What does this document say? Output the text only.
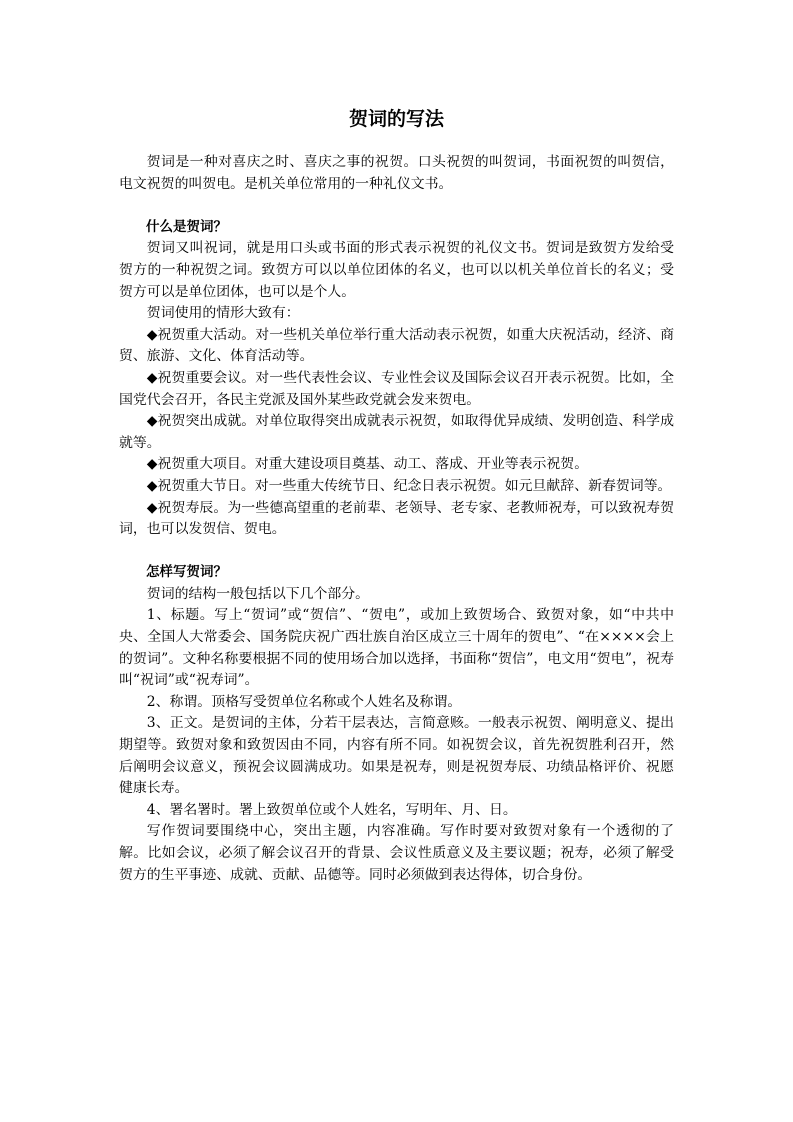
贺词的写法

贺词是一种对喜庆之时、喜庆之事的祝贺。口头祝贺的叫贺词，书面祝贺的叫贺信，电文祝贺的叫贺电。是机关单位常用的一种礼仪文书。

什么是贺词？

贺词又叫祝词，就是用口头或书面的形式表示祝贺的礼仪文书。贺词是致贺方发给受贺方的一种祝贺之词。致贺方可以以单位团体的名义，也可以以机关单位首长的名义；受贺方可以是单位团体，也可以是个人。

贺词使用的情形大致有：

◆祝贺重大活动。对一些机关单位举行重大活动表示祝贺，如重大庆祝活动，经济、商贸、旅游、文化、体育活动等。

◆祝贺重要会议。对一些代表性会议、专业性会议及国际会议召开表示祝贺。比如，全国党代会召开，各民主党派及国外某些政党就会发来贺电。

◆祝贺突出成就。对单位取得突出成就表示祝贺，如取得优异成绩、发明创造、科学成就等。

◆祝贺重大项目。对重大建设项目奠基、动工、落成、开业等表示祝贺。

◆祝贺重大节日。对一些重大传统节日、纪念日表示祝贺。如元旦献辞、新春贺词等。

◆祝贺寿辰。为一些德高望重的老前辈、老领导、老专家、老教师祝寿，可以致祝寿贺词，也可以发贺信、贺电。

怎样写贺词？

贺词的结构一般包括以下几个部分。

1、标题。写上“贺词”或“贺信”、“贺电”，或加上致贺场合、致贺对象，如“中共中央、全国人大常委会、国务院庆祝广西壮族自治区成立三十周年的贺电”、“在××××会上的贺词”。文种名称要根据不同的使用场合加以选择，书面称“贺信”，电文用“贺电”，祝寿叫“祝词”或“祝寿词”。

2、称谓。顶格写受贺单位名称或个人姓名及称谓。

3、正文。是贺词的主体，分若干层表达，言简意赅。一般表示祝贺、阐明意义、提出期望等。致贺对象和致贺因由不同，内容有所不同。如祝贺会议，首先祝贺胜利召开，然后阐明会议意义，预祝会议圆满成功。如果是祝寿，则是祝贺寿辰、功绩品格评价、祝愿健康长寿。

4、署名署时。署上致贺单位或个人姓名，写明年、月、日。

写作贺词要围绕中心，突出主题，内容准确。写作时要对致贺对象有一个透彻的了解。比如会议，必须了解会议召开的背景、会议性质意义及主要议题；祝寿，必须了解受贺方的生平事迹、成就、贡献、品德等。同时必须做到表达得体，切合身份。
